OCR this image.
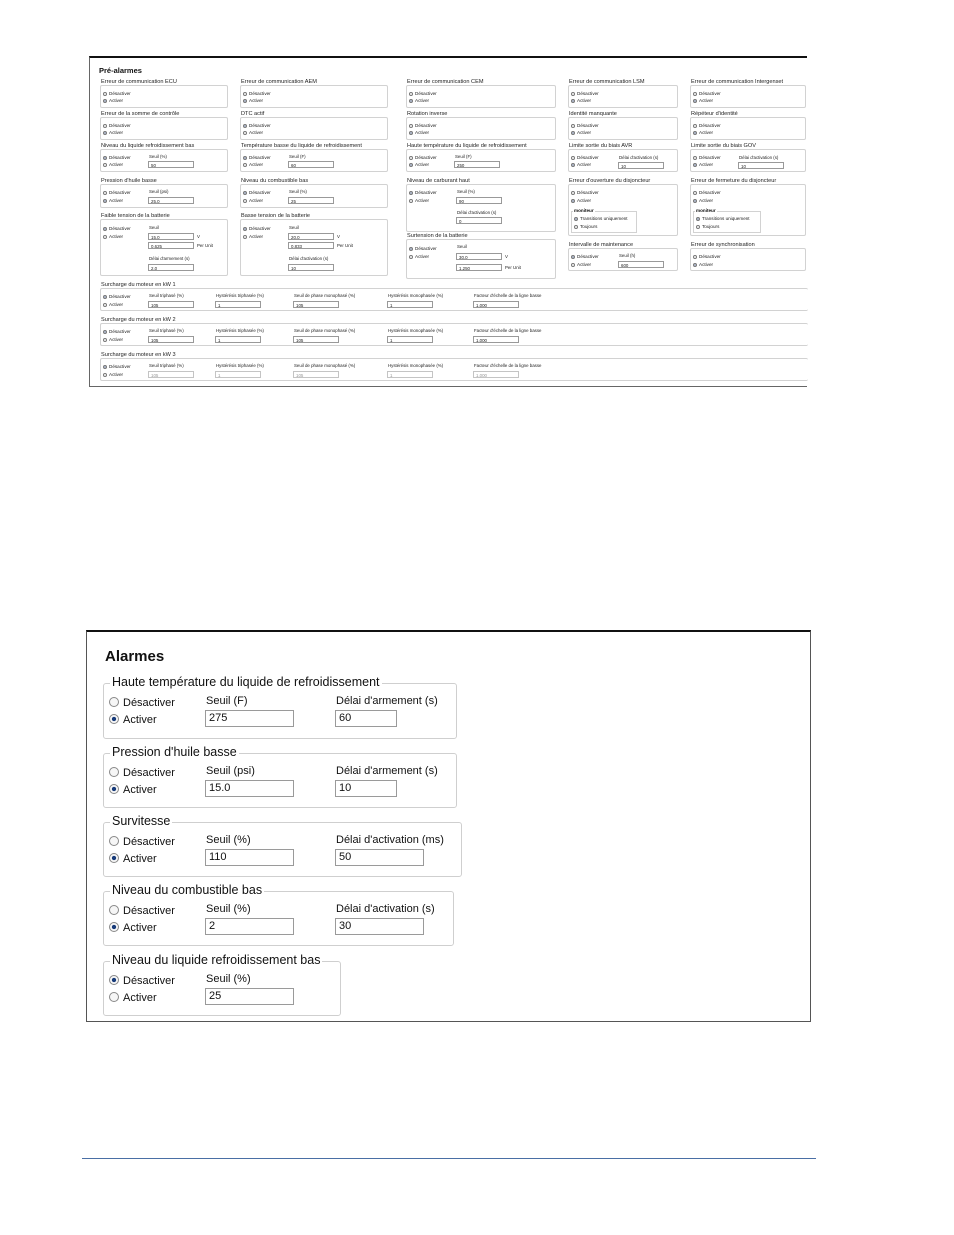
Pré-alarmes
Erreur de communication ECU
Désactiver
Activer
Erreur de communication AEM
Désactiver
Activer
Erreur de communication CEM
Désactiver
Activer
Erreur de communication LSM
Désactiver
Activer
Erreur de communication Intergenset
Désactiver
Activer
Erreur de la somme de contrôle
Désactiver
Activer
DTC actif
Désactiver
Activer
Rotation inverse
Désactiver
Activer
Identité manquante
Désactiver
Activer
Répéteur d'identité
Désactiver
Activer
Niveau du liquide refroidissement bas
Désactiver
Activer
Seuil (%)
50
Température basse du liquide de refroidissement
Désactiver
Activer
Seuil (F)
60
Haute température du liquide de refroidissement
Désactiver
Activer
Seuil (F)
250
Limite sortie du biais AVR
Désactiver
Activer
Délai d'activation (s)
10
Limite sortie du biais GOV
Désactiver
Activer
Délai d'activation (s)
10
Pression d'huile basse
Désactiver
Activer
Seuil (psi)
25.0
Niveau du combustible bas
Désactiver
Activer
Seuil (%)
25
Niveau de carburant haut
Désactiver
Activer
Seuil (%)
90
Délai d'activation (s)
0
Erreur d'ouverture du disjoncteur
Désactiver
Activer
moniteur
Transitions uniquement
Toujours
Erreur de fermeture du disjoncteur
Désactiver
Activer
moniteur
Transitions uniquement
Toujours
Faible tension de la batterie
Désactiver
Activer
Seuil
15.0	V
0.625	Per Unit
Délai d'armement (s)
2.0
Basse tension de la batterie
Désactiver
Activer
Seuil
20.0	V
0.833	Per Unit
Délai d'activation (s)
10
Surtension de la batterie
Désactiver
Activer
Seuil
30.0	V
1.250	Per Unit
Intervalle de maintenance
Désactiver
Activer
Seuil (h)
600
Erreur de synchronisation
Désactiver
Activer
Surcharge du moteur en kW 1
Désactiver
Activer
Seuil triphasé (%)
105
Hystérésis triphasée (%)
1
Seuil de phase monophasé (%)
105
Hystérésis monophasée (%)
1
Facteur d'échelle de la ligne basse
1.000
Surcharge du moteur en kW 2
Désactiver
Activer
Seuil triphasé (%)
105
Hystérésis triphasée (%)
1
Seuil de phase monophasé (%)
105
Hystérésis monophasée (%)
1
Facteur d'échelle de la ligne basse
1.000
Surcharge du moteur en kW 3
Désactiver
Activer
Seuil triphasé (%)
105
Hystérésis triphasée (%)
1
Seuil de phase monophasé (%)
105
Hystérésis monophasée (%)
1
Facteur d'échelle de la ligne basse
1.000
Alarmes
Haute température du liquide de refroidissement
Désactiver
Activer
Seuil (F)
275
Délai d'armement (s)
60
Pression d'huile basse
Désactiver
Activer
Seuil (psi)
15.0
Délai d'armement (s)
10
Survitesse
Désactiver
Activer
Seuil (%)
110
Délai d'activation (ms)
50
Niveau du combustible bas
Désactiver
Activer
Seuil (%)
2
Délai d'activation (s)
30
Niveau du liquide refroidissement bas
Désactiver
Activer
Seuil (%)
25
